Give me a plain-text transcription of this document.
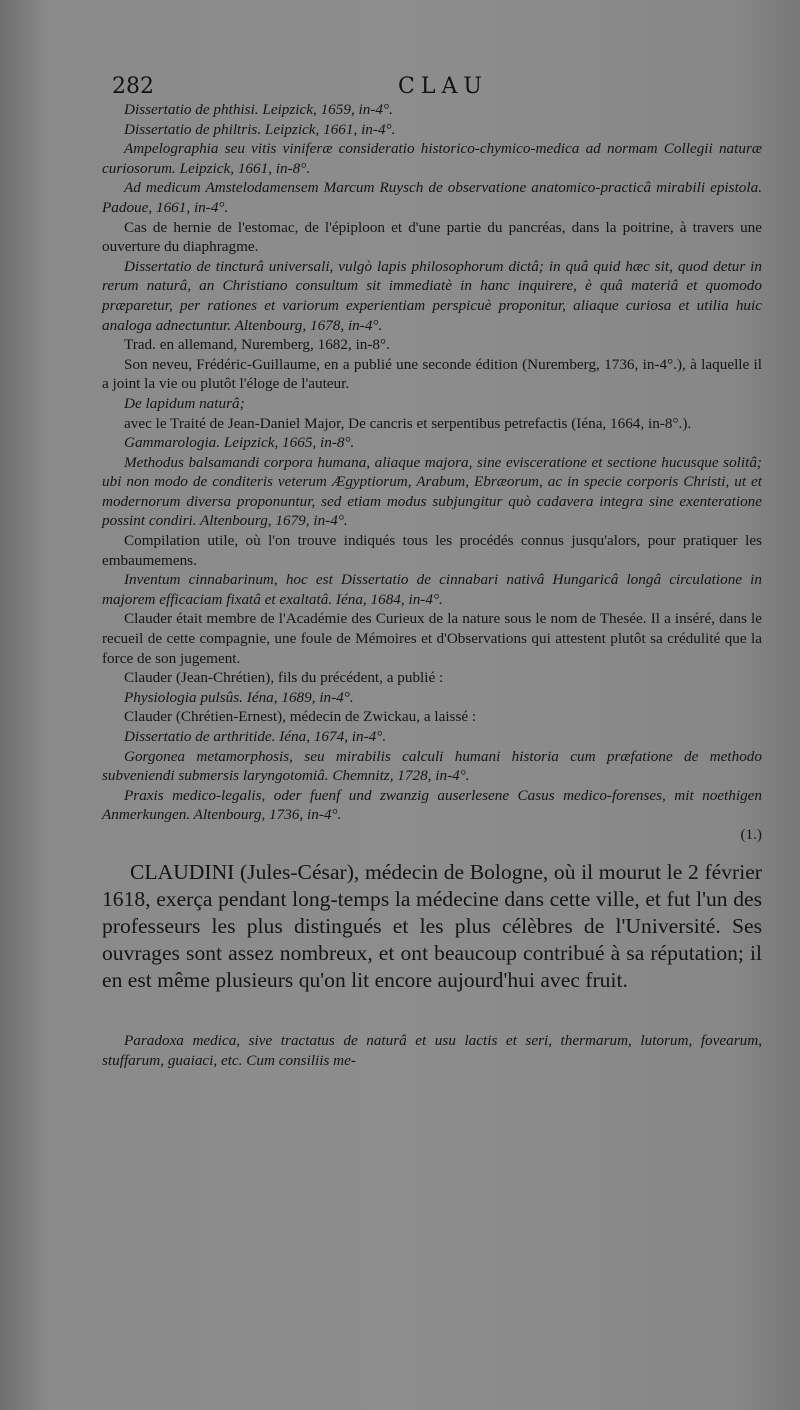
282	CLAU

Dissertatio de phthisi. Leipzick, 1659, in-4°.

Dissertatio de philtris. Leipzick, 1661, in-4°.

Ampelographia seu vitis viniferæ consideratio historico-chymico-medica ad normam Collegii naturæ curiosorum. Leipzick, 1661, in-8°.

Ad medicum Amstelodamensem Marcum Ruysch de observatione anatomico-practicâ mirabili epistola. Padoue, 1661, in-4°.

Cas de hernie de l'estomac, de l'épiploon et d'une partie du pancréas, dans la poitrine, à travers une ouverture du diaphragme.

Dissertatio de tincturâ universali, vulgò lapis philosophorum dictâ; in quâ quid hæc sit, quod detur in rerum naturâ, an Christiano consultum sit immediatè in hanc inquirere, è quâ materiâ et quomodo præparetur, per rationes et variorum experientiam perspicuè proponitur, aliaque curiosa et utilia huic analoga adnectuntur. Altenbourg, 1678, in-4°.

Trad. en allemand, Nuremberg, 1682, in-8°.

Son neveu, Frédéric-Guillaume, en a publié une seconde édition (Nuremberg, 1736, in-4°.), à laquelle il a joint la vie ou plutôt l'éloge de l'auteur.

De lapidum naturâ;

avec le Traité de Jean-Daniel Major, De cancris et serpentibus petrefactis (Iéna, 1664, in-8°.).

Gammarologia. Leipzick, 1665, in-8°.

Methodus balsamandi corpora humana, aliaque majora, sine evisceratione et sectione hucusque solitâ; ubi non modo de conditeris veterum Ægyptiorum, Arabum, Ebræorum, ac in specie corporis Christi, ut et modernorum diversa proponuntur, sed etiam modus subjungitur quò cadavera integra sine exenteratione possint condiri. Altenbourg, 1679, in-4°.

Compilation utile, où l'on trouve indiqués tous les procédés connus jusqu'alors, pour pratiquer les embaumemens.

Inventum cinnabarinum, hoc est Dissertatio de cinnabari nativâ Hungaricâ longâ circulatione in majorem efficaciam fixatâ et exaltatâ. Iéna, 1684, in-4°.

Clauder était membre de l'Académie des Curieux de la nature sous le nom de Thesée. Il a inséré, dans le recueil de cette compagnie, une foule de Mémoires et d'Observations qui attestent plutôt sa crédulité que la force de son jugement.

Clauder (Jean-Chrétien), fils du précédent, a publié :

Physiologia pulsûs. Iéna, 1689, in-4°.

Clauder (Chrétien-Ernest), médecin de Zwickau, a laissé :

Dissertatio de arthritide. Iéna, 1674, in-4°.

Gorgonea metamorphosis, seu mirabilis calculi humani historia cum præfatione de methodo subveniendi submersis laryngotomiâ. Chemnitz, 1728, in-4°.

Praxis medico-legalis, oder fuenf und zwanzig auserlesene Casus medico-forenses, mit noethigen Anmerkungen. Altenbourg, 1736, in-4°.

(1.)

CLAUDINI (Jules-César), médecin de Bologne, où il mourut le 2 février 1618, exerça pendant long-temps la médecine dans cette ville, et fut l'un des professeurs les plus distingués et les plus célèbres de l'Université. Ses ouvrages sont assez nombreux, et ont beaucoup contribué à sa réputation; il en est même plusieurs qu'on lit encore aujourd'hui avec fruit.

Paradoxa medica, sive tractatus de naturâ et usu lactis et seri, thermarum, lutorum, fovearum, stuffarum, guaiaci, etc. Cum consiliis me-
